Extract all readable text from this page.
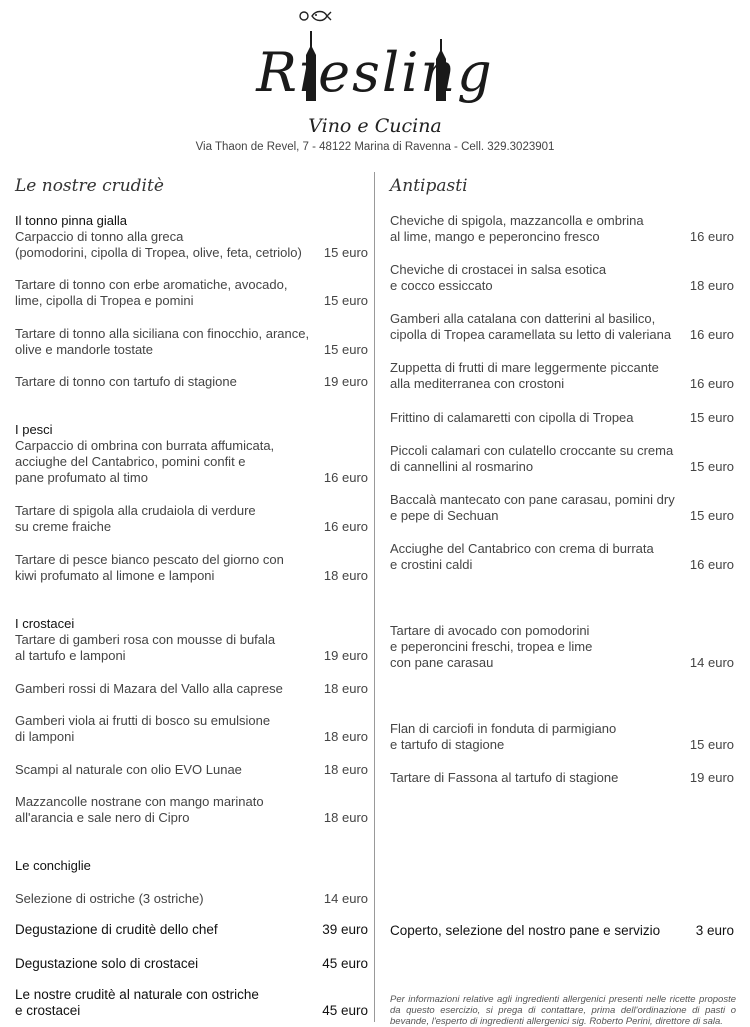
Riesling
Vino e Cucina
Via Thaon de Revel, 7 - 48122 Marina di Ravenna - Cell. 329.3023901
Le nostre cruditè
Il tonno pinna gialla
Carpaccio di tonno alla greca
(pomodorini, cipolla di Tropea, olive, feta, cetriolo)	15 euro
Tartare di tonno con erbe aromatiche, avocado,
lime, cipolla di Tropea e pomini	15 euro
Tartare di tonno alla siciliana con finocchio, arance,
olive e mandorle tostate	15 euro
Tartare di tonno con tartufo di stagione	19 euro
I pesci
Carpaccio di ombrina con burrata affumicata,
acciughe del Cantabrico, pomini confit e
pane profumato al timo	16 euro
Tartare di spigola alla crudaiola di verdure
su creme fraiche	16 euro
Tartare di pesce bianco pescato del giorno con
kiwi profumato al limone e lamponi	18 euro
I crostacei
Tartare di gamberi rosa con mousse di bufala
al tartufo e lamponi	19 euro
Gamberi rossi di Mazara del Vallo alla caprese	18 euro
Gamberi viola ai frutti di bosco su emulsione
di lamponi	18 euro
Scampi al naturale con olio EVO Lunae	18 euro
Mazzancolle nostrane con mango marinato
all'arancia e sale nero di Cipro	18 euro
Le conchiglie
Selezione di ostriche (3 ostriche)	14 euro
Degustazione di cruditè dello chef	39 euro
Degustazione solo di crostacei	45 euro
Le nostre cruditè al naturale con ostriche
e crostacei	45 euro
Antipasti
Cheviche di spigola, mazzancolla e ombrina
al lime, mango e peperoncino fresco	16 euro
Cheviche di crostacei in salsa esotica
e cocco essiccato	18 euro
Gamberi alla catalana con datterini al basilico,
cipolla di Tropea caramellata su letto di valeriana	16 euro
Zuppetta di frutti di mare leggermente piccante
alla mediterranea con crostoni	16 euro
Frittino di calamaretti con cipolla di Tropea	15 euro
Piccoli calamari con culatello croccante su crema
di cannellini al rosmarino	15 euro
Baccalà mantecato con pane carasau, pomini dry
e pepe di Sechuan	15 euro
Acciughe del Cantabrico con crema di burrata
e crostini caldi	16 euro
Tartare di avocado con pomodorini
e peperoncini freschi, tropea e lime
con pane carasau	14 euro
Flan di carciofi in fonduta di parmigiano
e tartufo di stagione	15 euro
Tartare di Fassona al tartufo di stagione	19 euro
Coperto, selezione del nostro pane e servizio	3 euro
Per informazioni relative agli ingredienti allergenici presenti nelle ricette proposte da questo esercizio, si prega di contattare, prima dell'ordinazione di pasti o bevande, l'esperto di ingredienti allergenici sig. Roberto Perini, direttore di sala.
